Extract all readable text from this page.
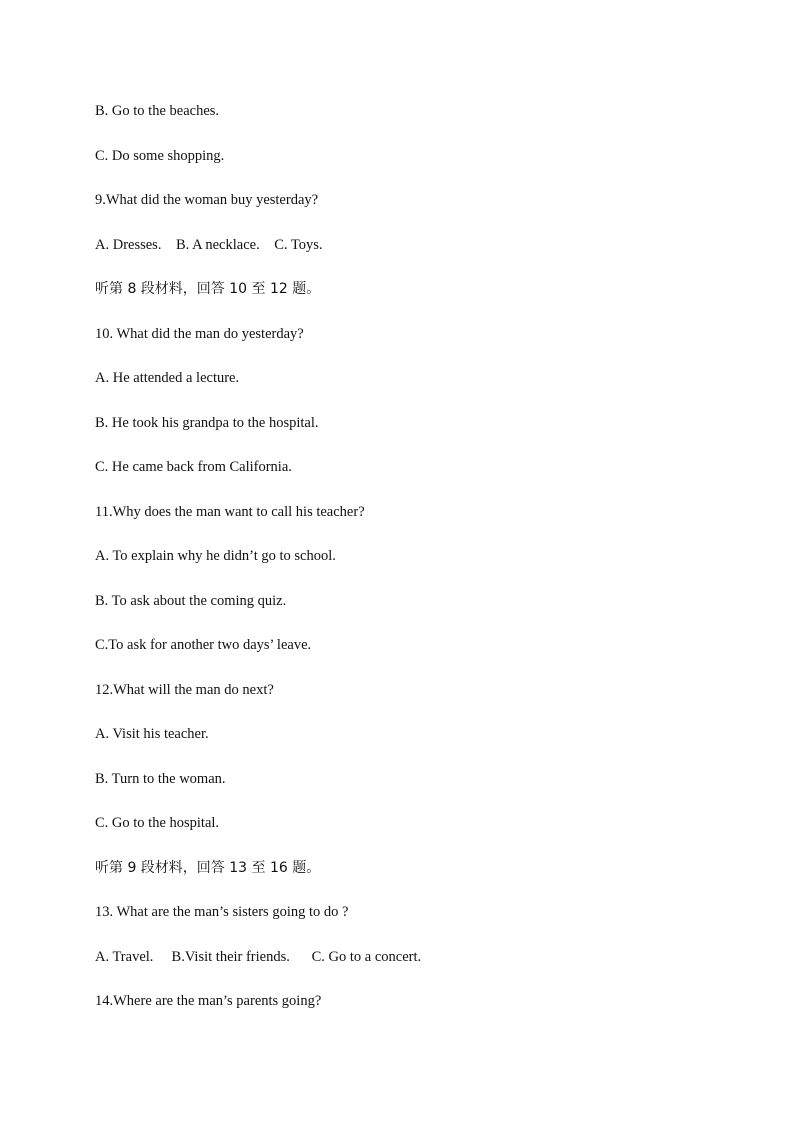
B. Go to the beaches.
C. Do some shopping.
9.What did the woman buy yesterday?
A. Dresses.    B. A necklace.    C. Toys.
听第 8 段材料，回答 10 至 12 题。
10. What did the man do yesterday?
A. He attended a lecture.
B. He took his grandpa to the hospital.
C. He came back from California.
11.Why does the man want to call his teacher?
A. To explain why he didn’t go to school.
B. To ask about the coming quiz.
C.To ask for another two days’ leave.
12.What will the man do next?
A. Visit his teacher.
B. Turn to the woman.
C. Go to the hospital.
听第 9 段材料，回答 13 至 16 题。
13. What are the man’s sisters going to do ?
A. Travel.     B.Visit their friends.      C. Go to a concert.
14.Where are the man’s parents going?
